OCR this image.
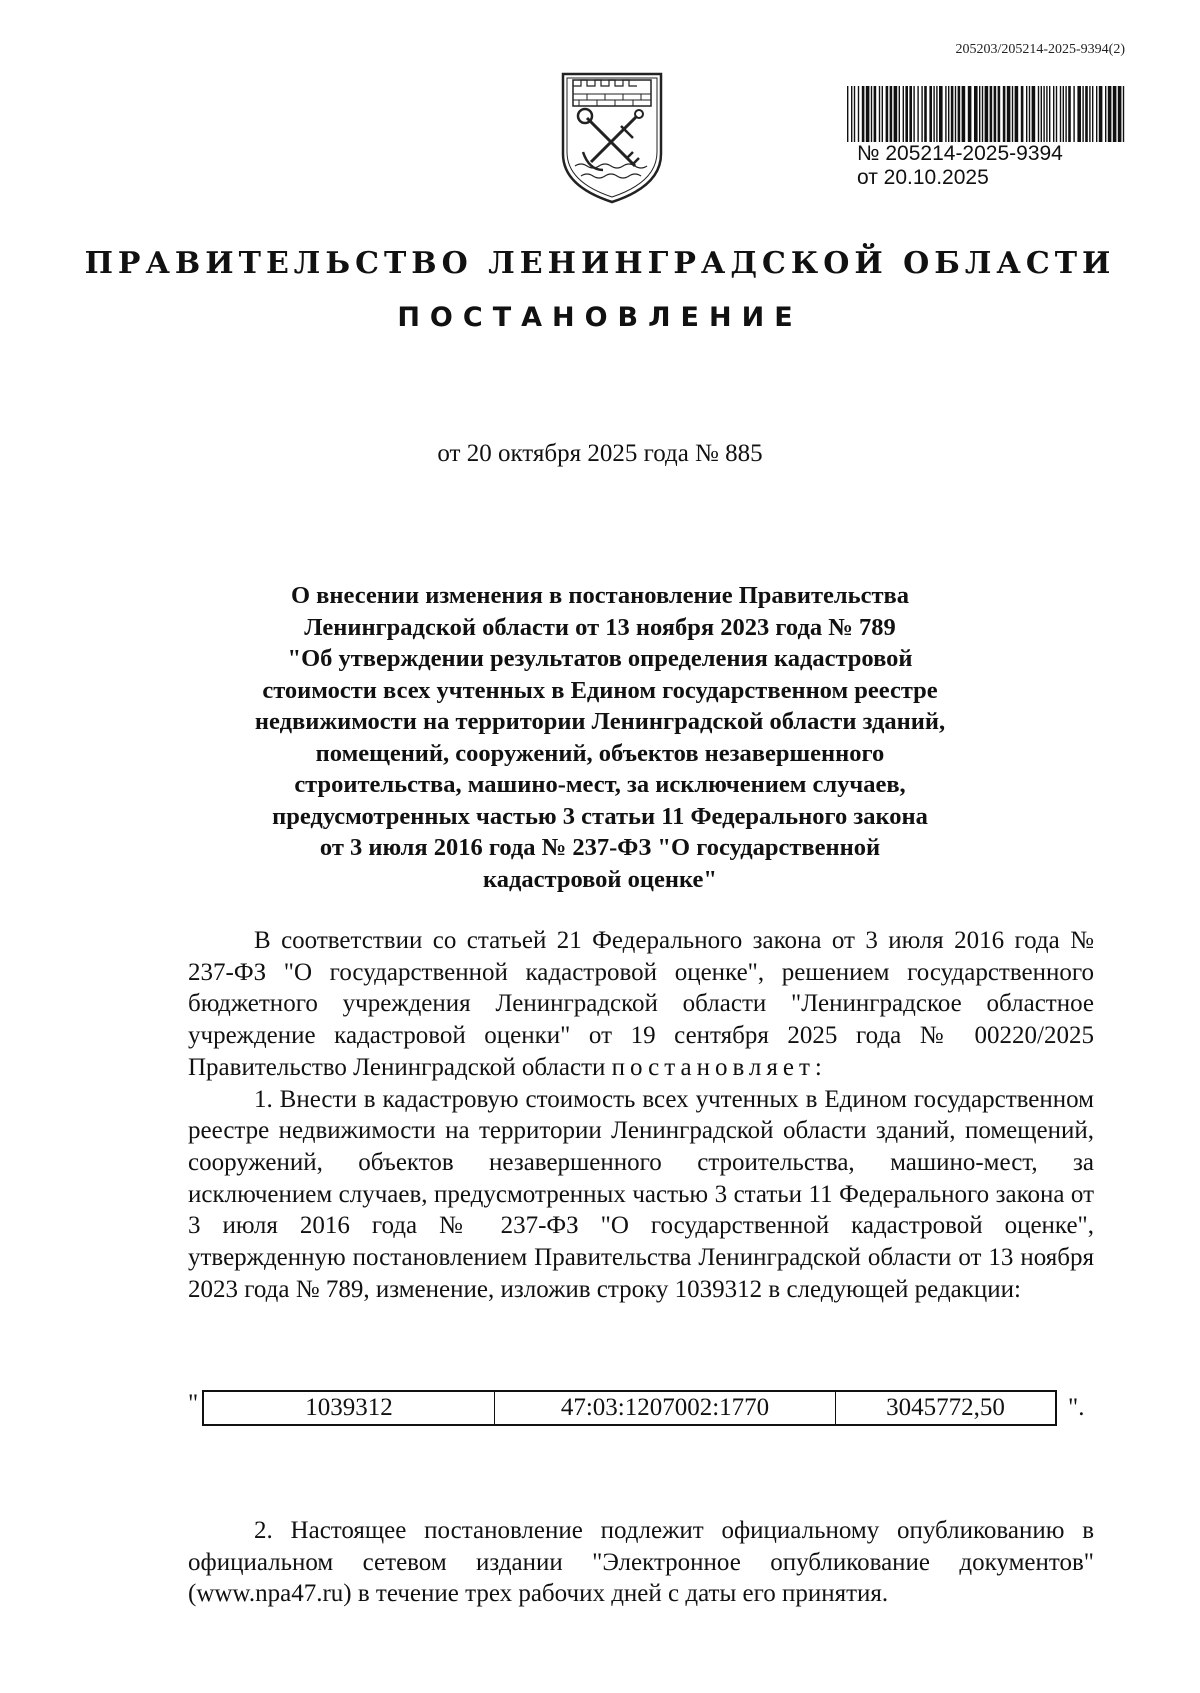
205203/205214-2025-9394(2)
№ 205214-2025-9394
от 20.10.2025
ПРАВИТЕЛЬСТВО ЛЕНИНГРАДСКОЙ ОБЛАСТИ
ПОСТАНОВЛЕНИЕ
от 20 октября 2025 года № 885
О внесении изменения в постановление Правительства
Ленинградской области от 13 ноября 2023 года № 789
"Об утверждении результатов определения кадастровой
стоимости всех учтенных в Едином государственном реестре
недвижимости на территории Ленинградской области зданий,
помещений, сооружений, объектов незавершенного
строительства, машино-мест, за исключением случаев,
предусмотренных частью 3 статьи 11 Федерального закона
от 3 июля 2016 года № 237-ФЗ "О государственной
кадастровой оценке"

В соответствии со статьей 21 Федерального закона от 3 июля 2016 года № 237-ФЗ "О государственной кадастровой оценке", решением государственного бюджетного учреждения Ленинградской области "Ленинградское областное учреждение кадастровой оценки" от 19 сентября 2025 года № 00220/2025 Правительство Ленинградской области постановляет:

1. Внести в кадастровую стоимость всех учтенных в Едином государственном реестре недвижимости на территории Ленинградской области зданий, помещений, сооружений, объектов незавершенного строительства, машино-мест, за исключением случаев, предусмотренных частью 3 статьи 11 Федерального закона от 3 июля 2016 года № 237-ФЗ "О государственной кадастровой оценке", утвержденную постановлением Правительства Ленинградской области от 13 ноября 2023 года № 789, изменение, изложив строку 1039312 в следующей редакции:

"	1039312	47:03:1207002:1770	3045772,50	".

2. Настоящее постановление подлежит официальному опубликованию в официальном сетевом издании "Электронное опубликование документов" (www.npa47.ru) в течение трех рабочих дней с даты его принятия.
